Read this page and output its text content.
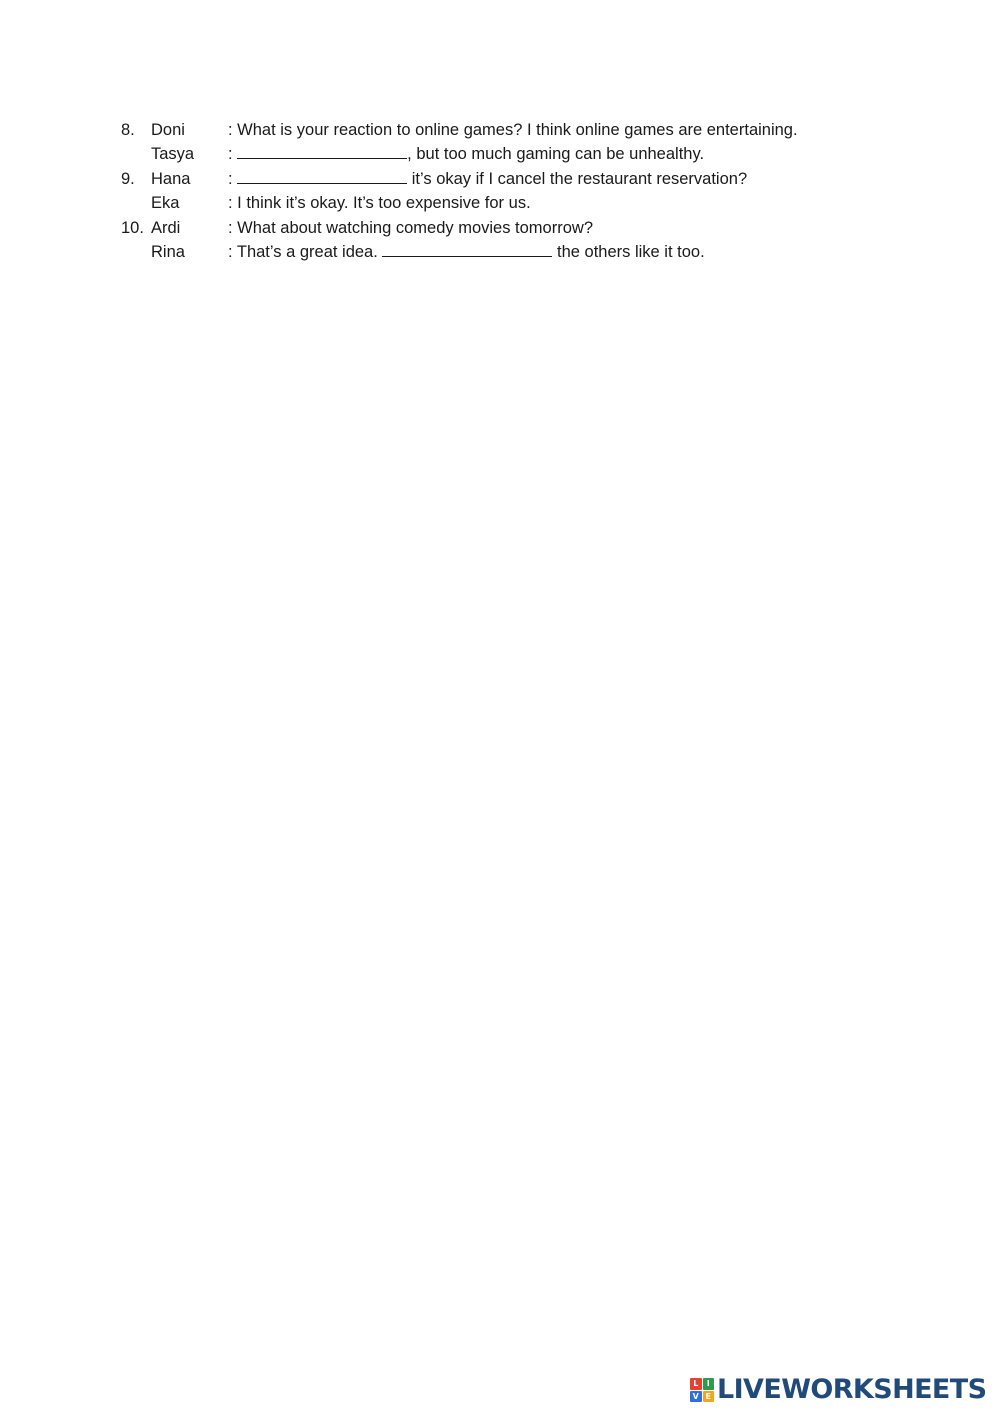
8. Doni	: What is your reaction to online games? I think online games are entertaining.
Tasya :	, but too much gaming can be unhealthy.
9. Hana :	it’s okay if I cancel the restaurant reservation?
Eka	: I think it’s okay. It’s too expensive for us.
10. Ardi	: What about watching comedy movies tomorrow?
Rina	: That’s a great idea.	the others like it too.
L	I
V E LIVEWORKSHEETS
